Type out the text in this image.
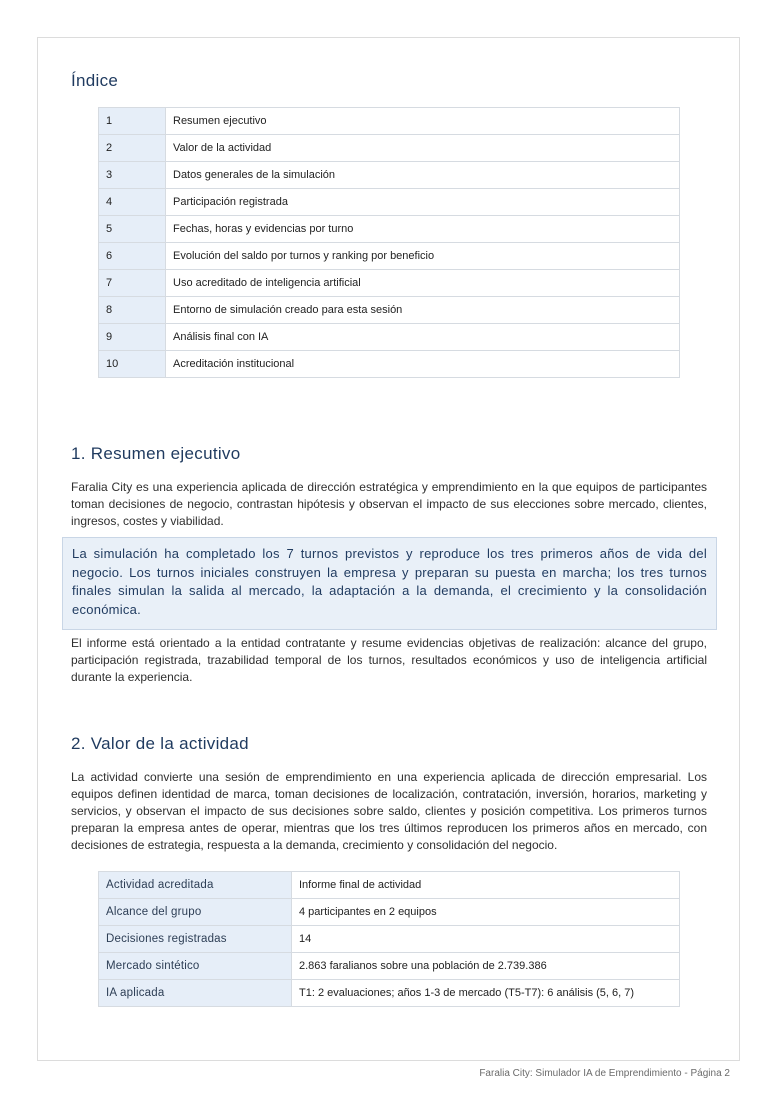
Índice
1	Resumen ejecutivo
2	Valor de la actividad
3	Datos generales de la simulación
4	Participación registrada
5	Fechas, horas y evidencias por turno
6	Evolución del saldo por turnos y ranking por beneficio
7	Uso acreditado de inteligencia artificial
8	Entorno de simulación creado para esta sesión
9	Análisis final con IA
10	Acreditación institucional
1. Resumen ejecutivo

Faralia City es una experiencia aplicada de dirección estratégica y emprendimiento en la que equipos de participantes toman decisiones de negocio, contrastan hipótesis y observan el impacto de sus elecciones sobre mercado, clientes, ingresos, costes y viabilidad.

La simulación ha completado los 7 turnos previstos y reproduce los tres primeros años de vida del negocio. Los turnos iniciales construyen la empresa y preparan su puesta en marcha; los tres turnos finales simulan la salida al mercado, la adaptación a la demanda, el crecimiento y la consolidación económica.

El informe está orientado a la entidad contratante y resume evidencias objetivas de realización: alcance del grupo, participación registrada, trazabilidad temporal de los turnos, resultados económicos y uso de inteligencia artificial durante la experiencia.

2. Valor de la actividad

La actividad convierte una sesión de emprendimiento en una experiencia aplicada de dirección empresarial. Los equipos definen identidad de marca, toman decisiones de localización, contratación, inversión, horarios, marketing y servicios, y observan el impacto de sus decisiones sobre saldo, clientes y posición competitiva. Los primeros turnos preparan la empresa antes de operar, mientras que los tres últimos reproducen los primeros años en mercado, con decisiones de estrategia, respuesta a la demanda, crecimiento y consolidación del negocio.

Actividad acreditada	Informe final de actividad
Alcance del grupo	4 participantes en 2 equipos
Decisiones registradas	14
Mercado sintético	2.863 faralianos sobre una población de 2.739.386
IA aplicada	T1: 2 evaluaciones; años 1-3 de mercado (T5-T7): 6 análisis (5, 6, 7)

Faralia City: Simulador IA de Emprendimiento - Página 2
